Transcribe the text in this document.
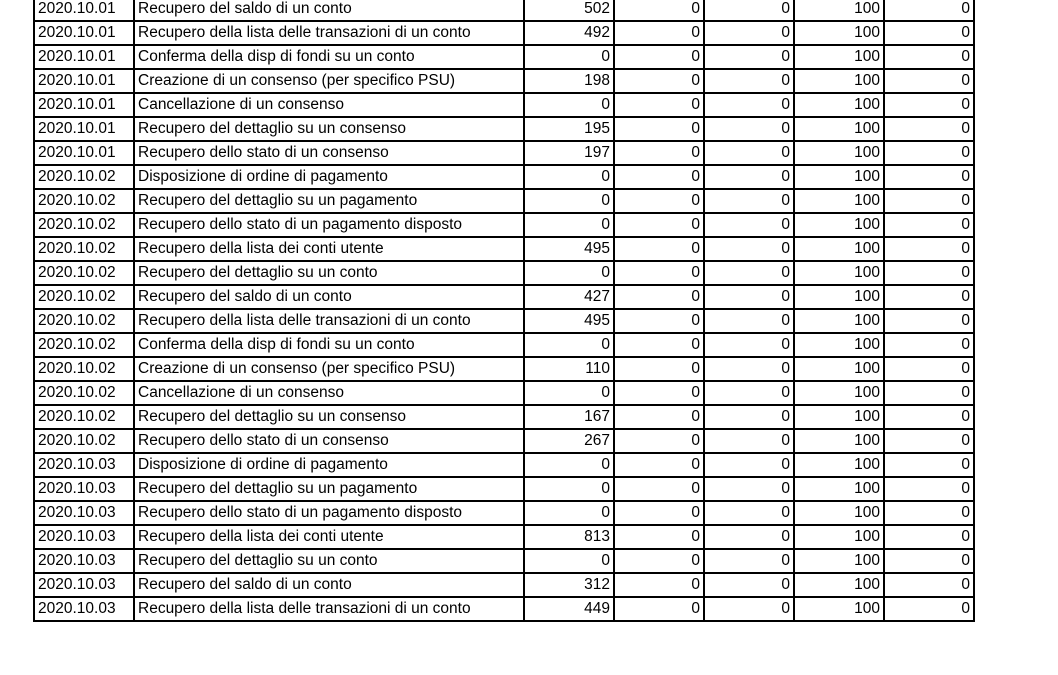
2020.10.01	Recupero del saldo di un conto	502	0	0	100	0
2020.10.01	Recupero della lista delle transazioni di un conto	492	0	0	100	0
2020.10.01	Conferma della disp di fondi su un conto	0	0	0	100	0
2020.10.01	Creazione di un consenso (per specifico PSU)	198	0	0	100	0
2020.10.01	Cancellazione di un consenso	0	0	0	100	0
2020.10.01	Recupero del dettaglio su un consenso	195	0	0	100	0
2020.10.01	Recupero dello stato di un consenso	197	0	0	100	0
2020.10.02	Disposizione di ordine di pagamento	0	0	0	100	0
2020.10.02	Recupero del dettaglio su un pagamento	0	0	0	100	0
2020.10.02	Recupero dello stato di un pagamento disposto	0	0	0	100	0
2020.10.02	Recupero della lista dei conti utente	495	0	0	100	0
2020.10.02	Recupero del dettaglio su un conto	0	0	0	100	0
2020.10.02	Recupero del saldo di un conto	427	0	0	100	0
2020.10.02	Recupero della lista delle transazioni di un conto	495	0	0	100	0
2020.10.02	Conferma della disp di fondi su un conto	0	0	0	100	0
2020.10.02	Creazione di un consenso (per specifico PSU)	110	0	0	100	0
2020.10.02	Cancellazione di un consenso	0	0	0	100	0
2020.10.02	Recupero del dettaglio su un consenso	167	0	0	100	0
2020.10.02	Recupero dello stato di un consenso	267	0	0	100	0
2020.10.03	Disposizione di ordine di pagamento	0	0	0	100	0
2020.10.03	Recupero del dettaglio su un pagamento	0	0	0	100	0
2020.10.03	Recupero dello stato di un pagamento disposto	0	0	0	100	0
2020.10.03	Recupero della lista dei conti utente	813	0	0	100	0
2020.10.03	Recupero del dettaglio su un conto	0	0	0	100	0
2020.10.03	Recupero del saldo di un conto	312	0	0	100	0
2020.10.03	Recupero della lista delle transazioni di un conto	449	0	0	100	0
